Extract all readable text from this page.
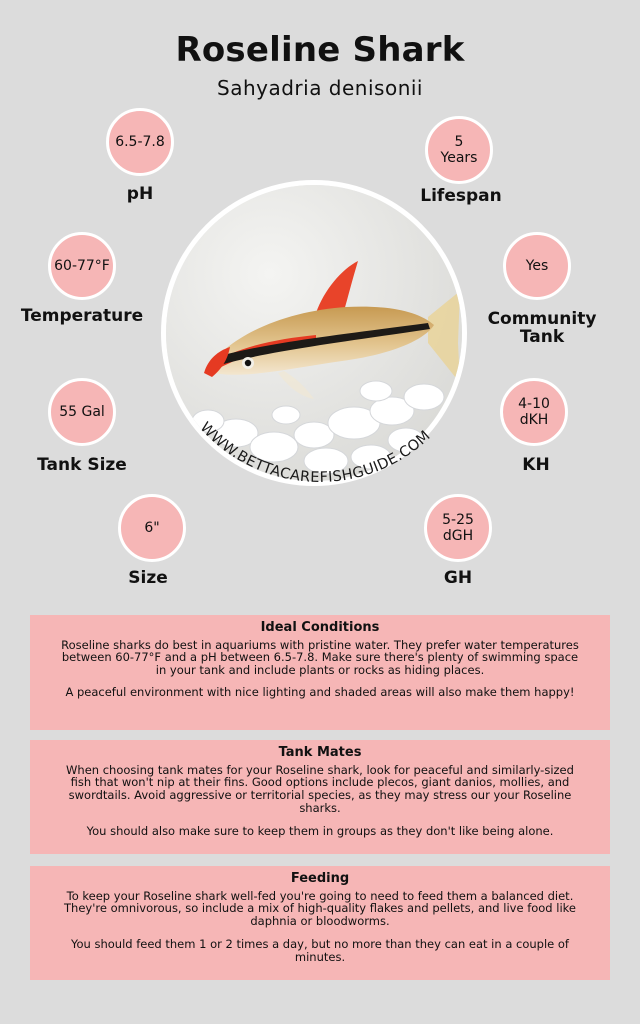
Roseline Shark
Sahyadria denisonii
6.5-7.8
pH
60-77°F
Temperature
55 Gal
Tank Size
6"
Size
5
Years
Lifespan
Yes
Community
Tank
4-10
dKH
KH
5-25
dGH
GH
WWW.BETTACAREFISHGUIDE.COM
Ideal Conditions

Roseline sharks do best in aquariums with pristine water. They prefer water temperatures between 60-77°F and a pH between 6.5-7.8. Make sure there's plenty of swimming space in your tank and include plants or rocks as hiding places.

A peaceful environment with nice lighting and shaded areas will also make them happy!

Tank Mates

When choosing tank mates for your Roseline shark, look for peaceful and similarly-sized fish that won't nip at their fins. Good options include plecos, giant danios, mollies, and swordtails. Avoid aggressive or territorial species, as they may stress our your Roseline sharks.

You should also make sure to keep them in groups as they don't like being alone.

Feeding

To keep your Roseline shark well-fed you're going to need to feed them a balanced diet. They're omnivorous, so include a mix of high-quality flakes and pellets, and live food like daphnia or bloodworms.

You should feed them 1 or 2 times a day, but no more than they can eat in a couple of minutes.
